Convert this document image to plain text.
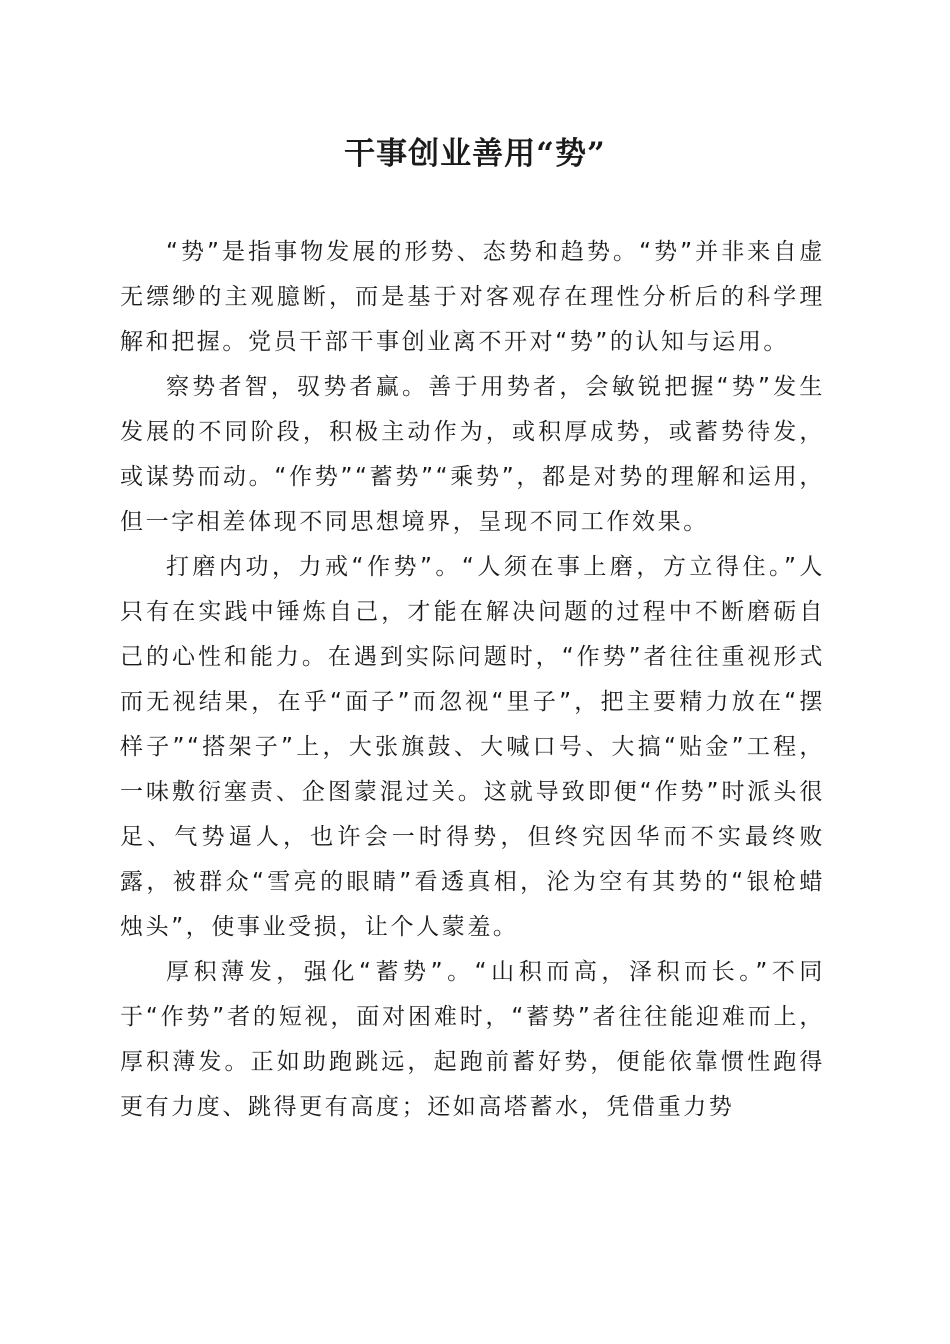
干事创业善用“势”

“势”是指事物发展的形势、态势和趋势。“势”并非来自虚无缥缈的主观臆断，而是基于对客观存在理性分析后的科学理解和把握。党员干部干事创业离不开对“势”的认知与运用。

察势者智，驭势者赢。善于用势者，会敏锐把握“势”发生发展的不同阶段，积极主动作为，或积厚成势，或蓄势待发，或谋势而动。“作势”“蓄势”“乘势”，都是对势的理解和运用，但一字相差体现不同思想境界，呈现不同工作效果。

打磨内功，力戒“作势”。“人须在事上磨，方立得住。”人只有在实践中锤炼自己，才能在解决问题的过程中不断磨砺自己的心性和能力。在遇到实际问题时，“作势”者往往重视形式而无视结果，在乎“面子”而忽视“里子”，把主要精力放在“摆样子”“搭架子”上，大张旗鼓、大喊口号、大搞“贴金”工程，一味敷衍塞责、企图蒙混过关。这就导致即便“作势”时派头很足、气势逼人，也许会一时得势，但终究因华而不实最终败露，被群众“雪亮的眼睛”看透真相，沦为空有其势的“银枪蜡烛头”，使事业受损，让个人蒙羞。

厚积薄发，强化“蓄势”。“山积而高，泽积而长。”不同于“作势”者的短视，面对困难时，“蓄势”者往往能迎难而上，厚积薄发。正如助跑跳远，起跑前蓄好势，便能依靠惯性跑得更有力度、跳得更有高度；还如高塔蓄水，凭借重力势
